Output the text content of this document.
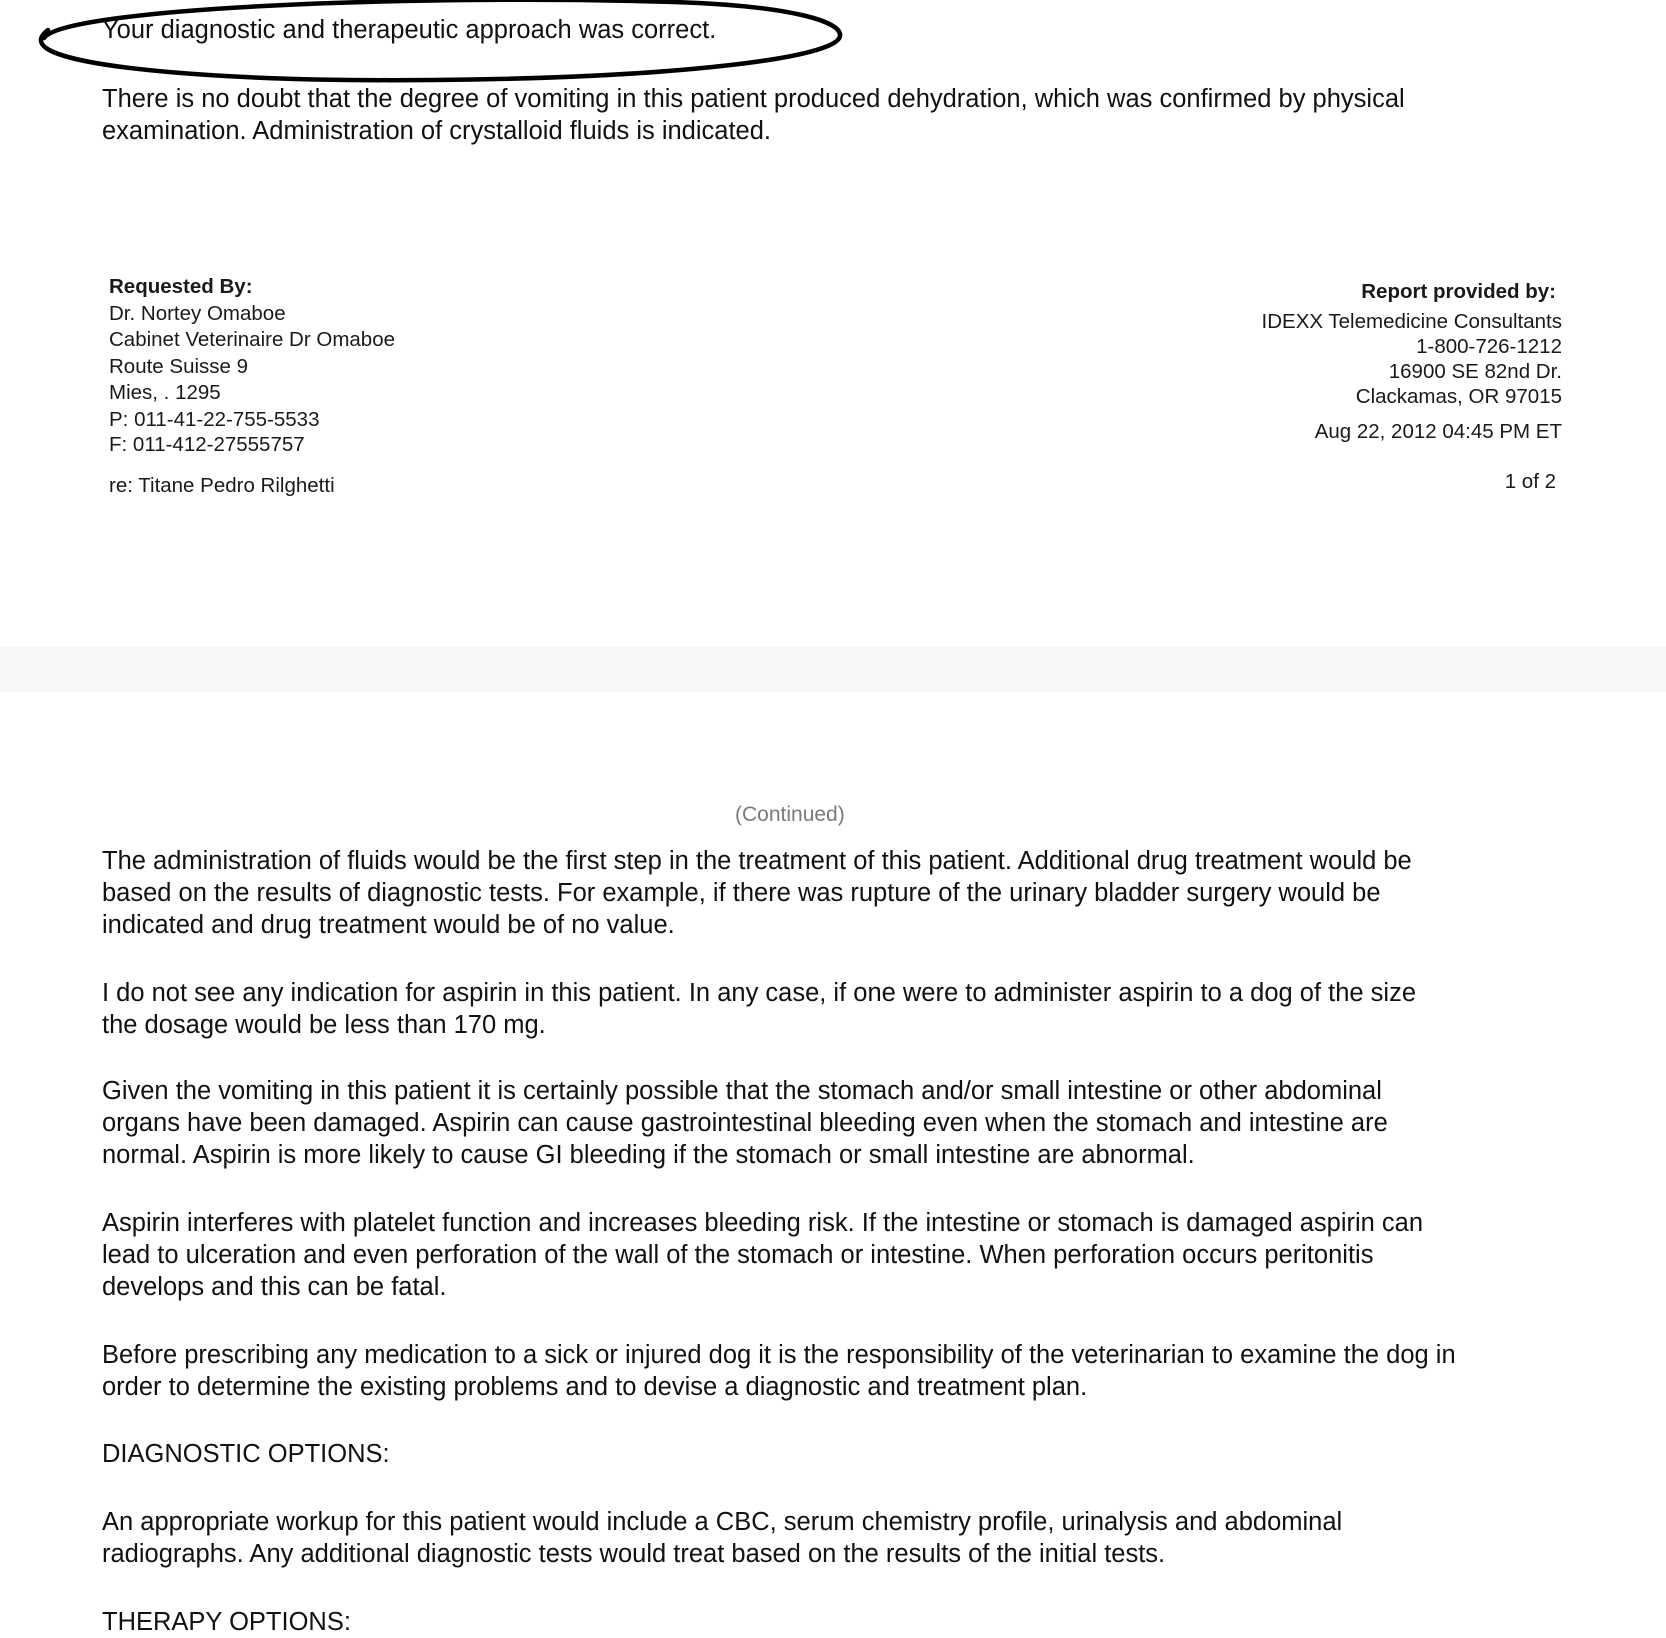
Your diagnostic and therapeutic approach was correct.
There is no doubt that the degree of vomiting in this patient produced dehydration, which was confirmed by physical
examination. Administration of crystalloid fluids is indicated.
Requested By:
Dr. Nortey Omaboe
Cabinet Veterinaire Dr Omaboe
Route Suisse 9
Mies, . 1295
P: 011-41-22-755-5533
F: 011-412-27555757
re: Titane Pedro Rilghetti
Report provided by:
IDEXX Telemedicine Consultants
1-800-726-1212
16900 SE 82nd Dr.
Clackamas, OR 97015
Aug 22, 2012 04:45 PM ET
1 of 2
(Continued)
The administration of fluids would be the first step in the treatment of this patient. Additional drug treatment would be
based on the results of diagnostic tests. For example, if there was rupture of the urinary bladder surgery would be
indicated and drug treatment would be of no value.
I do not see any indication for aspirin in this patient. In any case, if one were to administer aspirin to a dog of the size
the dosage would be less than 170 mg.
Given the vomiting in this patient it is certainly possible that the stomach and/or small intestine or other abdominal
organs have been damaged. Aspirin can cause gastrointestinal bleeding even when the stomach and intestine are
normal. Aspirin is more likely to cause GI bleeding if the stomach or small intestine are abnormal.
Aspirin interferes with platelet function and increases bleeding risk. If the intestine or stomach is damaged aspirin can
lead to ulceration and even perforation of the wall of the stomach or intestine. When perforation occurs peritonitis
develops and this can be fatal.
Before prescribing any medication to a sick or injured dog it is the responsibility of the veterinarian to examine the dog in
order to determine the existing problems and to devise a diagnostic and treatment plan.
DIAGNOSTIC OPTIONS:
An appropriate workup for this patient would include a CBC, serum chemistry profile, urinalysis and abdominal
radiographs. Any additional diagnostic tests would treat based on the results of the initial tests.
THERAPY OPTIONS:
